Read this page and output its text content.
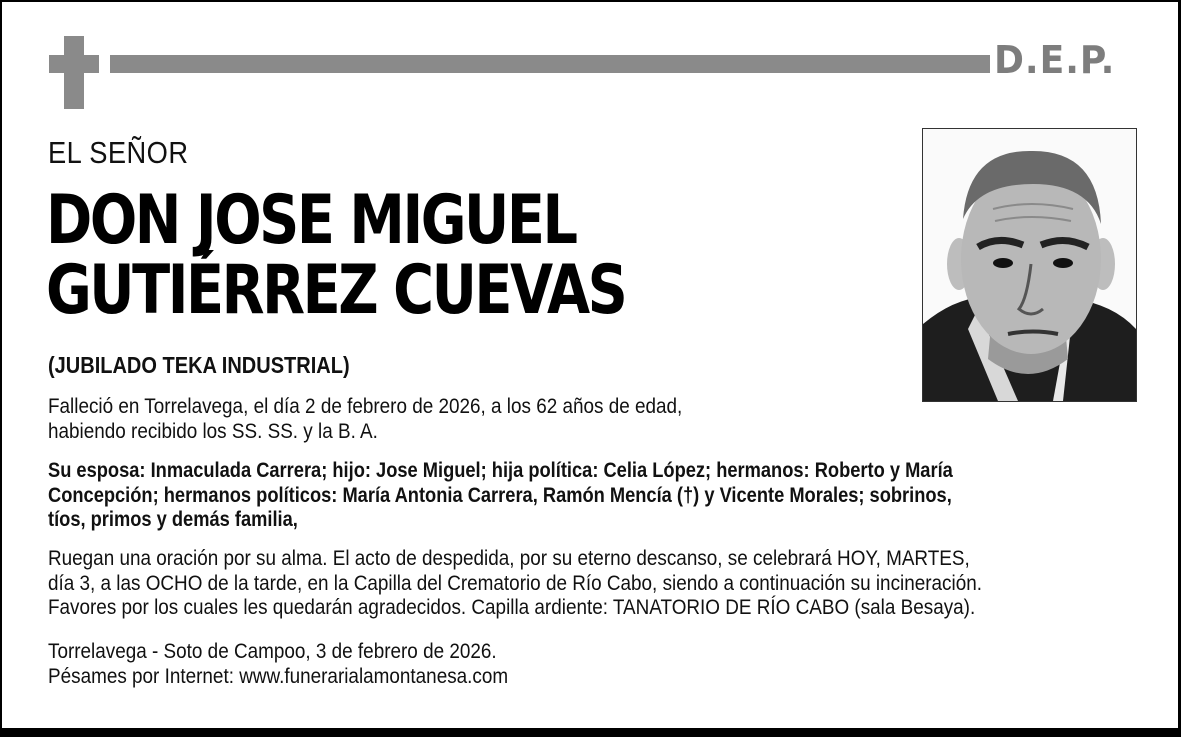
D.E.P.
EL SEÑOR
DON JOSE MIGUEL
GUTIÉRREZ CUEVAS
(JUBILADO TEKA INDUSTRIAL)
Falleció en Torrelavega, el día 2 de febrero de 2026, a los 62 años de edad,
habiendo recibido los SS. SS. y la B. A.
Su esposa: Inmaculada Carrera; hijo: Jose Miguel; hija política: Celia López; hermanos: Roberto y María
Concepción; hermanos políticos: María Antonia Carrera, Ramón Mencía (†) y Vicente Morales; sobrinos,
tíos, primos y demás familia,
Ruegan una oración por su alma. El acto de despedida, por su eterno descanso, se celebrará HOY, MARTES,
día 3, a las OCHO de la tarde, en la Capilla del Crematorio de Río Cabo, siendo a continuación su incineración.
Favores por los cuales les quedarán agradecidos. Capilla ardiente: TANATORIO DE RÍO CABO (sala Besaya).
Torrelavega - Soto de Campoo, 3 de febrero de 2026.
Pésames por Internet: www.funerarialamontanesa.com
